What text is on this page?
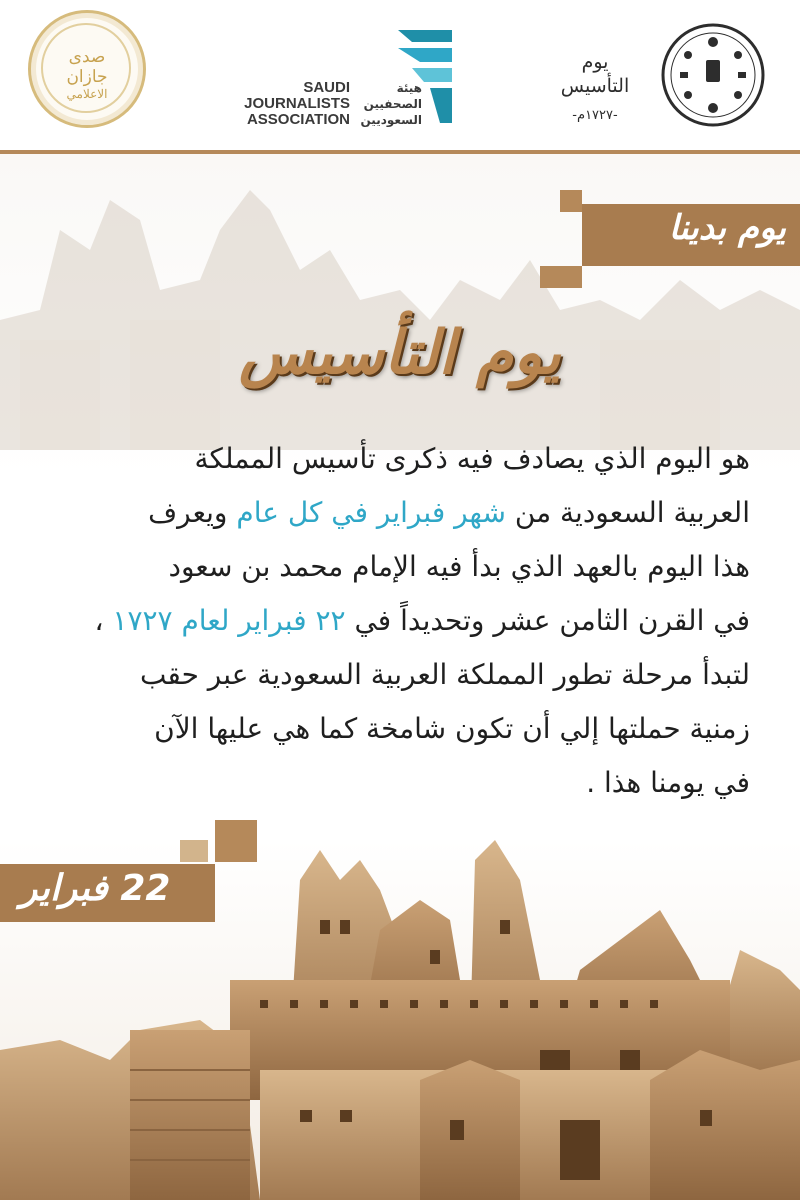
صدى
جازان
الاعلامي	هيئة
الصحفيين
السعوديين
SAUDI
JOURNALISTS
ASSOCIATION
يوم
التأسيس
-١٧٢٧م-
يوم بدينا
يوم التأسيس
هو اليوم الذي يصادف فيه ذكرى تأسيس المملكة
العربية السعودية من شهر فبراير في كل عام ويعرف
هذا اليوم بالعهد الذي بدأ فيه الإمام محمد بن سعود
في القرن الثامن عشر وتحديداً في ٢٢ فبراير لعام ١٧٢٧ ،
لتبدأ مرحلة تطور المملكة العربية السعودية عبر حقب
زمنية حملتها إلي أن تكون شامخة كما هي عليها الآن
في يومنا هذا .
22 فبراير
